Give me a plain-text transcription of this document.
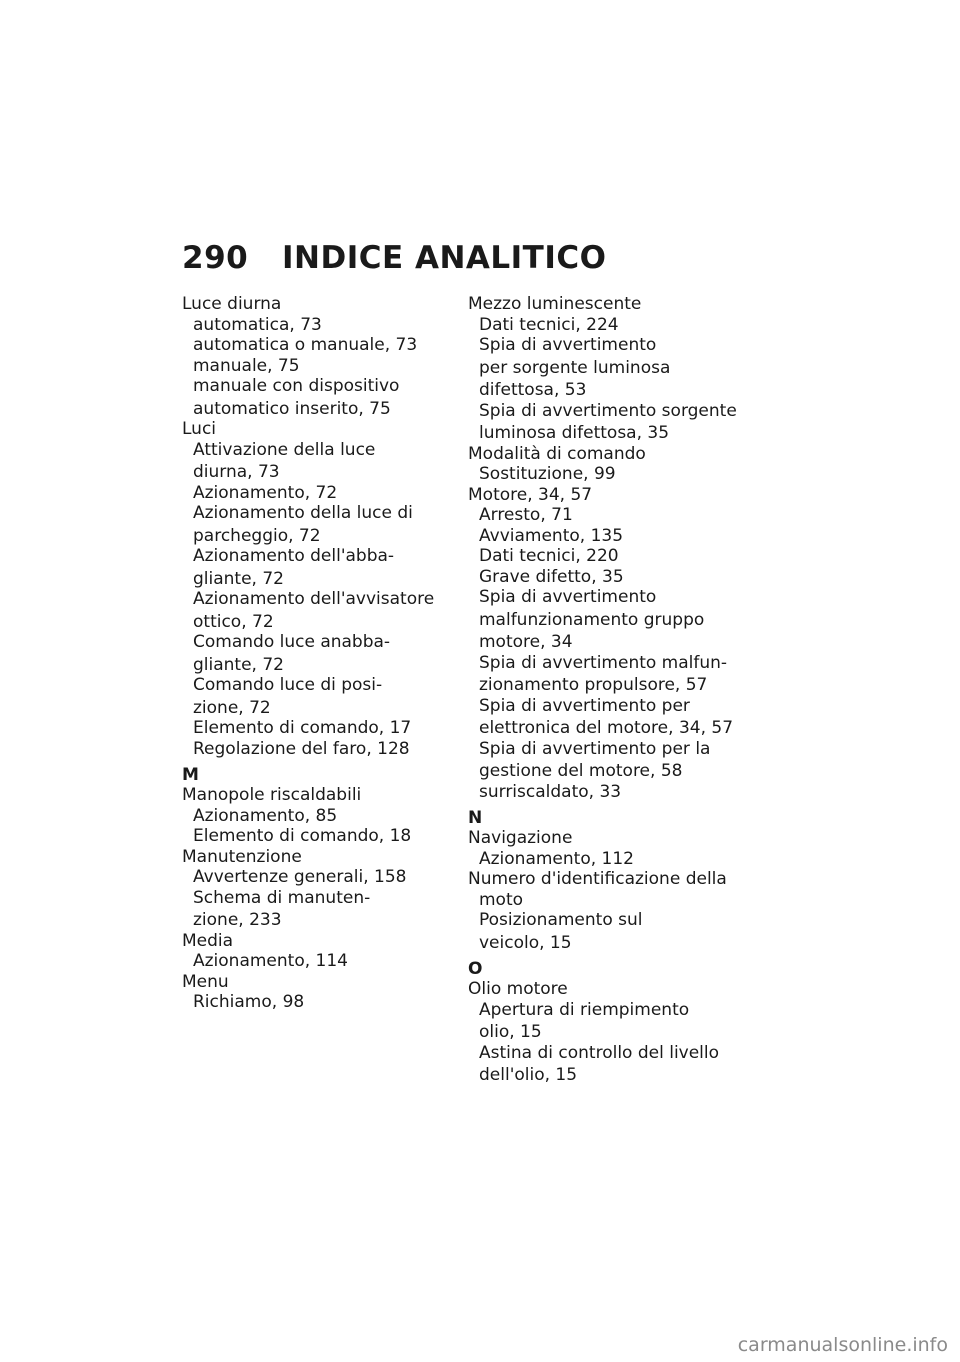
290 INDICE ANALITICO
Luce diurna
automatica, 73
automatica o manuale, 73
manuale, 75
manuale con dispositivo
automatico inserito, 75
Luci
Attivazione della luce
diurna, 73
Azionamento, 72
Azionamento della luce di
parcheggio, 72
Azionamento dell'abba-
gliante, 72
Azionamento dell'avvisatore
ottico, 72
Comando luce anabba-
gliante, 72
Comando luce di posi-
zione, 72
Elemento di comando, 17
Regolazione del faro, 128
M
Manopole riscaldabili
Azionamento, 85
Elemento di comando, 18
Manutenzione
Avvertenze generali, 158
Schema di manuten-
zione, 233
Media
Azionamento, 114
Menu
Richiamo, 98
Mezzo luminescente
Dati tecnici, 224
Spia di avvertimento
per sorgente luminosa
difettosa, 53
Spia di avvertimento sorgente
luminosa difettosa, 35
Modalità di comando
Sostituzione, 99
Motore, 34, 57
Arresto, 71
Avviamento, 135
Dati tecnici, 220
Grave difetto, 35
Spia di avvertimento
malfunzionamento gruppo
motore, 34
Spia di avvertimento malfun-
zionamento propulsore, 57
Spia di avvertimento per
elettronica del motore, 34, 57
Spia di avvertimento per la
gestione del motore, 58
surriscaldato, 33
N
Navigazione
Azionamento, 112
Numero d'identificazione della
moto
Posizionamento sul
veicolo, 15
O
Olio motore
Apertura di riempimento
olio, 15
Astina di controllo del livello
dell'olio, 15
carmanualsonline.info
